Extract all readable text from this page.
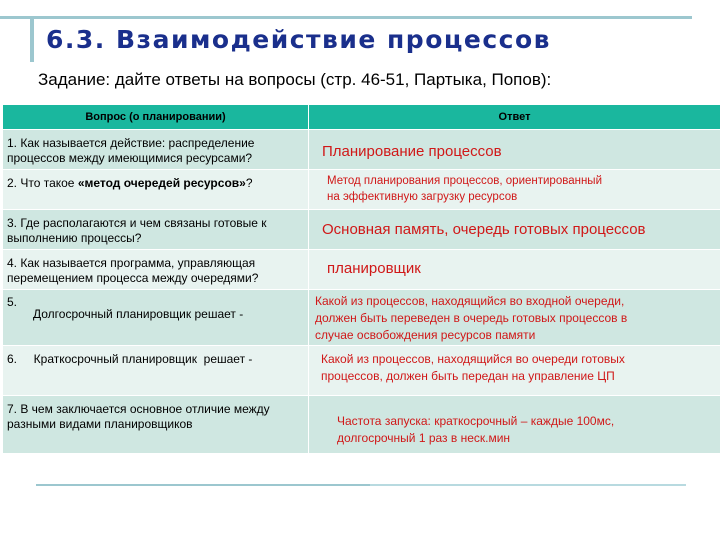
6.3. Взаимодействие процессов
Задание: дайте ответы на вопросы (стр. 46-51, Партыка, Попов):
Вопрос (о планировании)	Ответ
1. Как называется действие: распределение процессов между имеющимися ресурсами?	Планирование процессов

2. Что такое «метод очередей ресурсов»?	Метод планирования процессов, ориентированный
на эффективную загрузку ресурсов

3. Где располагаются и чем связаны готовые к выполнению процессы?	Основная память, очередь готовых процессов

4. Как называется программа, управляющая перемещением процесса между очередями?	планировщик

5.
Долгосрочный планировщик решает -	Какой из процессов, находящийся во входной очереди,
должен быть переведен в очередь готовых процессов в
случае освобождения ресурсов памяти

6.     Краткосрочный планировщик  решает -	Какой из процессов, находящийся во очереди готовых
процессов, должен быть передан на управление ЦП

7. В чем заключается основное отличие между разными видами планировщиков	Частота запуска: краткосрочный – каждые 100мс,
долгосрочный 1 раз в неск.мин
